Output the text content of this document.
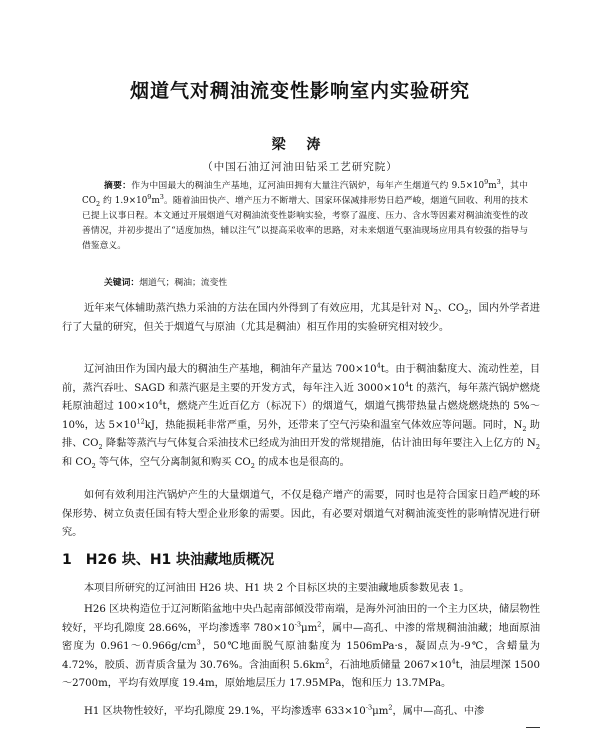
烟道气对稠油流变性影响室内实验研究
梁 涛
（中国石油辽河油田钻采工艺研究院）
摘要：作为中国最大的稠油生产基地，辽河油田拥有大量注汽锅炉，每年产生烟道气约 $9.5\times 10^9m^3$，其中 $CO_2$ 约 $1.9\times 10^9m^3$。随着油田快产、增产压力不断增大、国家环保减排形势日趋严峻，烟道气回收、利用的技术已提上议事日程。本文通过开展烟道气对稠油流变性影响实验，考察了温度、压力、含水等因素对稠油流变性的改善情况，并初步提出了“适度加热，辅以注气”以提高采收率的思路，对未来烟道气驱油现场应用具有较强的指导与借鉴意义。
关键词：烟道气；稠油；流变性
近年来气体辅助蒸汽热力采油的方法在国内外得到了有效应用，尤其是针对 $N_2$、$CO_2$，国内外学者进行了大量的研究，但关于烟道气与原油（尤其是稠油）相互作用的实验研究相对较少。
辽河油田作为国内最大的稠油生产基地，稠油年产量达 $700\times 10^4t$。由于稠油黏度大、流动性差，目前，蒸汽吞吐、SAGD 和蒸汽驱是主要的开发方式，每年注入近 $3000\times 10^4t$ 的蒸汽，每年蒸汽锅炉燃烧耗原油超过 $100\times 10^4t$，燃烧产生近百亿方（标况下）的烟道气，烟道气携带热量占燃烧燃烧热的 5%～10%，达 $5\times 10^{12}kJ$，热能损耗非常严重，另外，还带来了空气污染和温室气体效应等问题。同时，$N_2$ 助排、$CO_2$ 降黏等蒸汽与气体复合采油技术已经成为油田开发的常规措施，估计油田每年要注入上亿方的 $N_2$ 和 $CO_2$ 等气体，空气分离制氮和购买 $CO_2$ 的成本也是很高的。
如何有效利用注汽锅炉产生的大量烟道气，不仅是稳产增产的需要，同时也是符合国家日趋严峻的环保形势、树立负责任国有特大型企业形象的需要。因此，有必要对烟道气对稠油流变性的影响情况进行研究。
1 H26 块、H1 块油藏地质概况
本项目所研究的辽河油田 H26 块、H1 块 2 个目标区块的主要油藏地质参数见表 1。
H26 区块构造位于辽河断陷盆地中央凸起南部倾没带南端，是海外河油田的一个主力区块，储层物性较好，平均孔隙度 28.66%，平均渗透率 $780\times 10^{-3}\mu m^2$，属中—高孔、中渗的常规稠油油藏；地面原油密度为 $0.961\sim 0.966g/cm^3$，50℃地面脱气原油黏度为 1506mPa·s，凝固点为-9℃，含蜡量为 4.72%，胶质、沥青质含量为 30.76%。含油面积 $5.6km^2$，石油地质储量 $2067\times 10^4t$，油层埋深 1500～2700m，平均有效厚度 19.4m，原始地层压力 17.95MPa，饱和压力 13.7MPa。
H1 区块物性较好，平均孔隙度 29.1%，平均渗透率 $633\times 10^{-3}\mu m^2$，属中—高孔、中渗
